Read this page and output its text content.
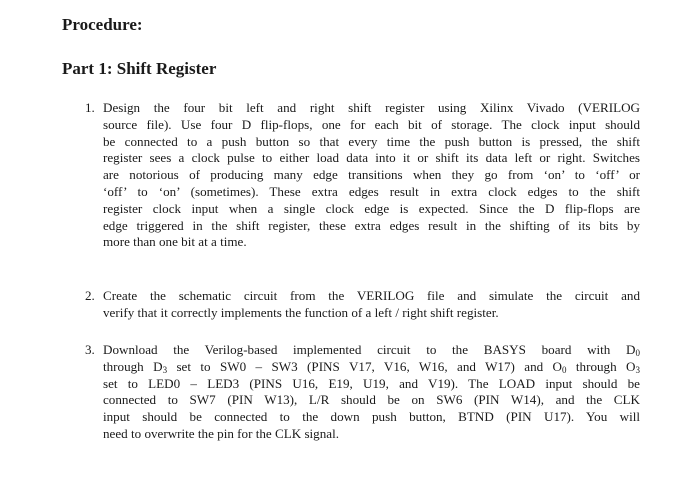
Procedure:
Part 1: Shift Register
1. Design the four bit left and right shift register using Xilinx Vivado (VERILOG
source file). Use four D flip-flops, one for each bit of storage. The clock input should
be connected to a push button so that every time the push button is pressed, the shift
register sees a clock pulse to either load data into it or shift its data left or right. Switches
are notorious of producing many edge transitions when they go from ‘on’ to ‘off’ or
‘off’ to ‘on’ (sometimes). These extra edges result in extra clock edges to the shift
register clock input when a single clock edge is expected. Since the D flip-flops are
edge triggered in the shift register, these extra edges result in the shifting of its bits by
more than one bit at a time.
2. Create the schematic circuit from the VERILOG file and simulate the circuit and
verify that it correctly implements the function of a left / right shift register.
3. Download the Verilog-based implemented circuit to the BASYS board with $D_0$
through $D_3$ set to SW0 – SW3 (PINS V17, V16, W16, and W17) and $O_0$ through $O_3$
set to LED0 – LED3 (PINS U16, E19, U19, and V19). The LOAD input should be
connected to SW7 (PIN W13), L/R should be on SW6 (PIN W14), and the CLK
input should be connected to the down push button, BTND (PIN U17). You will
need to overwrite the pin for the CLK signal.
